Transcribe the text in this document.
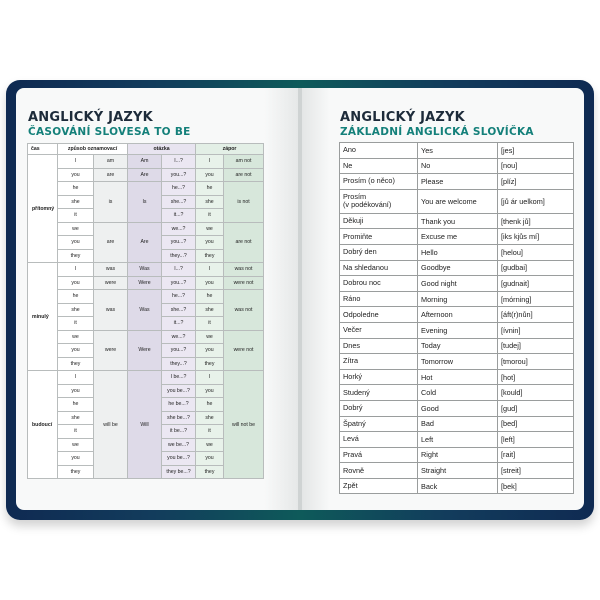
ANGLICKÝ JAZYK
ČASOVÁNÍ SLOVESA TO BE
čas	způsob oznamovací		otázka		zápor	
přítomný	I	am	Am	I...?	I	am not
	you	are	Are	you...?	you	are not
	he	is	Is	he...?	he	is not
	she			she...?	she	
	it			it...?	it	
	we	are	Are	we...?	we	are not
	you			you...?	you	
	they			they...?	they	
minulý	I	was	Was	I...?	I	was not
	you	were	Were	you...?	you	were not
	he	was	Was	he...?	he	was not
	she			she...?	she	
	it			it...?	it	
	we	were	Were	we...?	we	were not
	you			you...?	you	
	they			they...?	they	
budoucí	I	will be	Will	I be...?	I	will not be
	you			you be...?	you	
	he			he be...?	he	
	she			she be...?	she	
	it			it be...?	it	
	we			we be...?	we	
	you			you be...?	you	
	they			they be...?	they	
ANGLICKÝ JAZYK
ZÁKLADNÍ ANGLICKÁ SLOVÍČKA
Ano	Yes	[jes]
Ne	No	[nou]
Prosím (o něco)	Please	[plíz]
Prosím
(v podékování)	You are welcome	[jů ár uelkom]
Děkuji	Thank you	[thenk jů]
Promiňte	Excuse me	[iks kjůs mí]
Dobrý den	Hello	[helou]
Na shledanou	Goodbye	[gudbai]
Dobrou noc	Good night	[gudnait]
Ráno	Morning	[mórning]
Odpoledne	Afternoon	[áft(r)nůn]
Večer	Evening	[ívnin]
Dnes	Today	[tudej]
Zítra	Tomorrow	[tmorou]
Horký	Hot	[hot]
Studený	Cold	[kould]
Dobrý	Good	[gud]
Špatný	Bad	[bed]
Levá	Left	[left]
Pravá	Right	[rait]
Rovně	Straight	[streit]
Zpět	Back	[bek]
